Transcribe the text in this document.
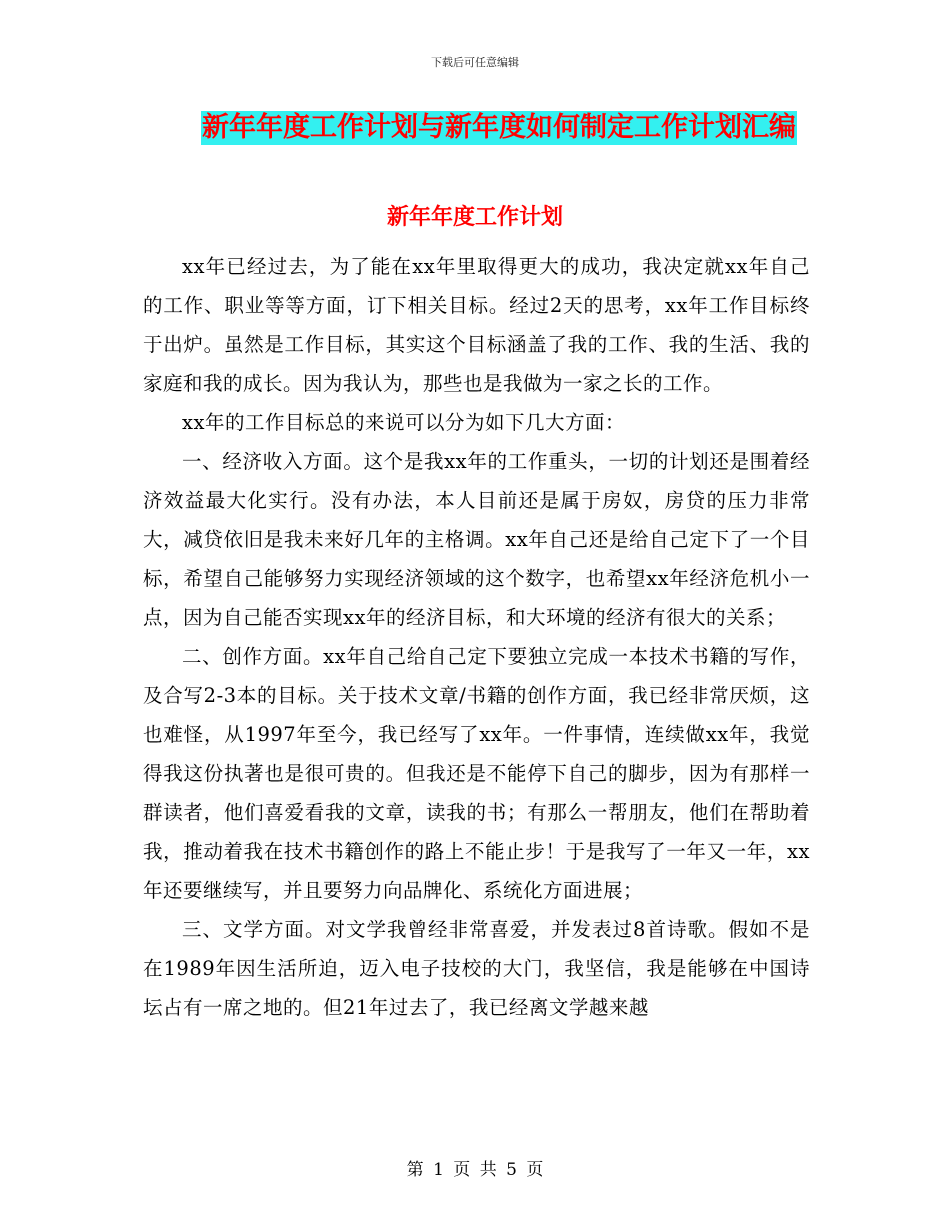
下载后可任意编辑
新年年度工作计划与新年度如何制定工作计划汇编
新年年度工作计划

xx年已经过去，为了能在xx年里取得更大的成功，我决定就xx年自己的工作、职业等等方面，订下相关目标。经过2天的思考，xx年工作目标终于出炉。虽然是工作目标，其实这个目标涵盖了我的工作、我的生活、我的家庭和我的成长。因为我认为，那些也是我做为一家之长的工作。

xx年的工作目标总的来说可以分为如下几大方面：

一、经济收入方面。这个是我xx年的工作重头，一切的计划还是围着经济效益最大化实行。没有办法，本人目前还是属于房奴，房贷的压力非常大，减贷依旧是我未来好几年的主格调。xx年自己还是给自己定下了一个目标，希望自己能够努力实现经济领域的这个数字，也希望xx年经济危机小一点，因为自己能否实现xx年的经济目标，和大环境的经济有很大的关系；

二、创作方面。xx年自己给自己定下要独立完成一本技术书籍的写作，及合写2-3本的目标。关于技术文章/书籍的创作方面，我已经非常厌烦，这也难怪，从1997年至今，我已经写了xx年。一件事情，连续做xx年，我觉得我这份执著也是很可贵的。但我还是不能停下自己的脚步，因为有那样一群读者，他们喜爱看我的文章，读我的书；有那么一帮朋友，他们在帮助着我，推动着我在技术书籍创作的路上不能止步！于是我写了一年又一年，xx年还要继续写，并且要努力向品牌化、系统化方面进展；

三、文学方面。对文学我曾经非常喜爱，并发表过8首诗歌。假如不是在1989年因生活所迫，迈入电子技校的大门，我坚信，我是能够在中国诗坛占有一席之地的。但21年过去了，我已经离文学越来越

第 1 页 共 5 页
